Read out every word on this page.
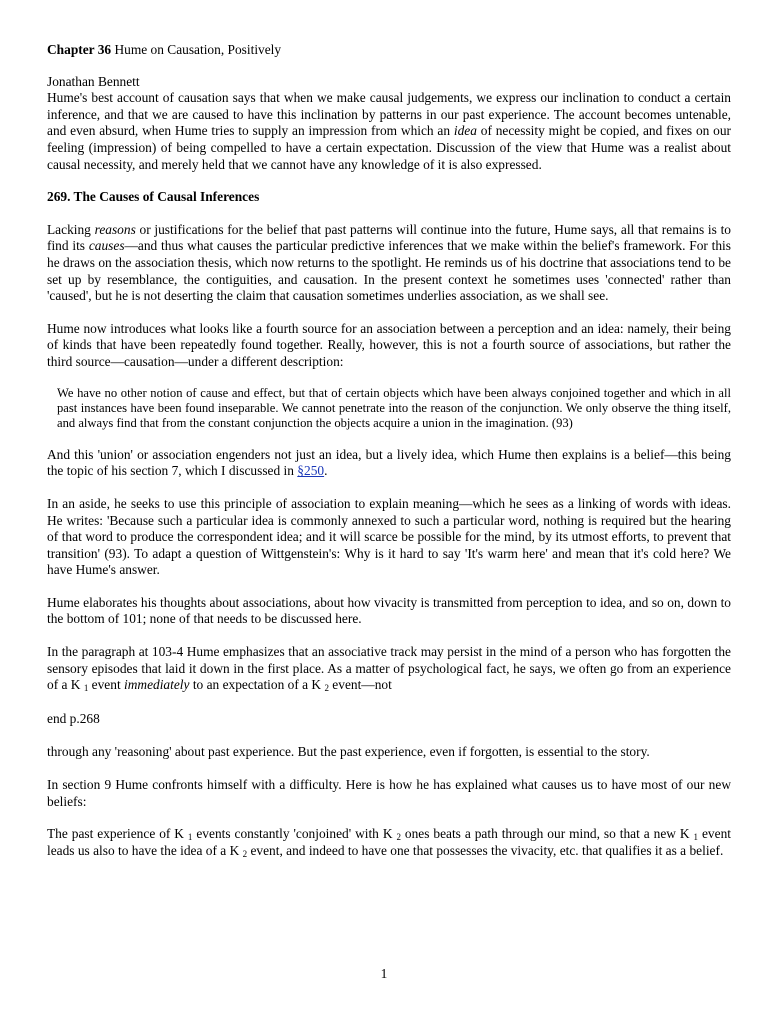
Chapter 36 Hume on Causation, Positively

Jonathan Bennett

Hume's best account of causation says that when we make causal judgements, we express our inclination to conduct a certain inference, and that we are caused to have this inclination by patterns in our past experience. The account becomes untenable, and even absurd, when Hume tries to supply an impression from which an idea of necessity might be copied, and fixes on our feeling (impression) of being compelled to have a certain expectation. Discussion of the view that Hume was a realist about causal necessity, and merely held that we cannot have any knowledge of it is also expressed.

269. The Causes of Causal Inferences

Lacking reasons or justifications for the belief that past patterns will continue into the future, Hume says, all that remains is to find its causes—and thus what causes the particular predictive inferences that we make within the belief's framework. For this he draws on the association thesis, which now returns to the spotlight. He reminds us of his doctrine that associations tend to be set up by resemblance, the contiguities, and causation. In the present context he sometimes uses 'connected' rather than 'caused', but he is not deserting the claim that causation sometimes underlies association, as we shall see.

Hume now introduces what looks like a fourth source for an association between a perception and an idea: namely, their being of kinds that have been repeatedly found together. Really, however, this is not a fourth source of associations, but rather the third source—causation—under a different description:

We have no other notion of cause and effect, but that of certain objects which have been always conjoined together and which in all past instances have been found inseparable. We cannot penetrate into the reason of the conjunction. We only observe the thing itself, and always find that from the constant conjunction the objects acquire a union in the imagination. (93)

And this 'union' or association engenders not just an idea, but a lively idea, which Hume then explains is a belief—this being the topic of his section 7, which I discussed in §250.

In an aside, he seeks to use this principle of association to explain meaning—which he sees as a linking of words with ideas. He writes: 'Because such a particular idea is commonly annexed to such a particular word, nothing is required but the hearing of that word to produce the correspondent idea; and it will scarce be possible for the mind, by its utmost efforts, to prevent that transition' (93). To adapt a question of Wittgenstein's: Why is it hard to say 'It's warm here' and mean that it's cold here? We have Hume's answer.

Hume elaborates his thoughts about associations, about how vivacity is transmitted from perception to idea, and so on, down to the bottom of 101; none of that needs to be discussed here.

In the paragraph at 103-4 Hume emphasizes that an associative track may persist in the mind of a person who has forgotten the sensory episodes that laid it down in the first place. As a matter of psychological fact, he says, we often go from an experience of a K $_1$ event immediately to an expectation of a K $_2$ event—not

end p.268

through any 'reasoning' about past experience. But the past experience, even if forgotten, is essential to the story.

In section 9 Hume confronts himself with a difficulty. Here is how he has explained what causes us to have most of our new beliefs:

The past experience of K $_1$ events constantly 'conjoined' with K $_2$ ones beats a path through our mind, so that a new K $_1$ event leads us also to have the idea of a K $_2$ event, and indeed to have one that possesses the vivacity, etc. that qualifies it as a belief.

1
